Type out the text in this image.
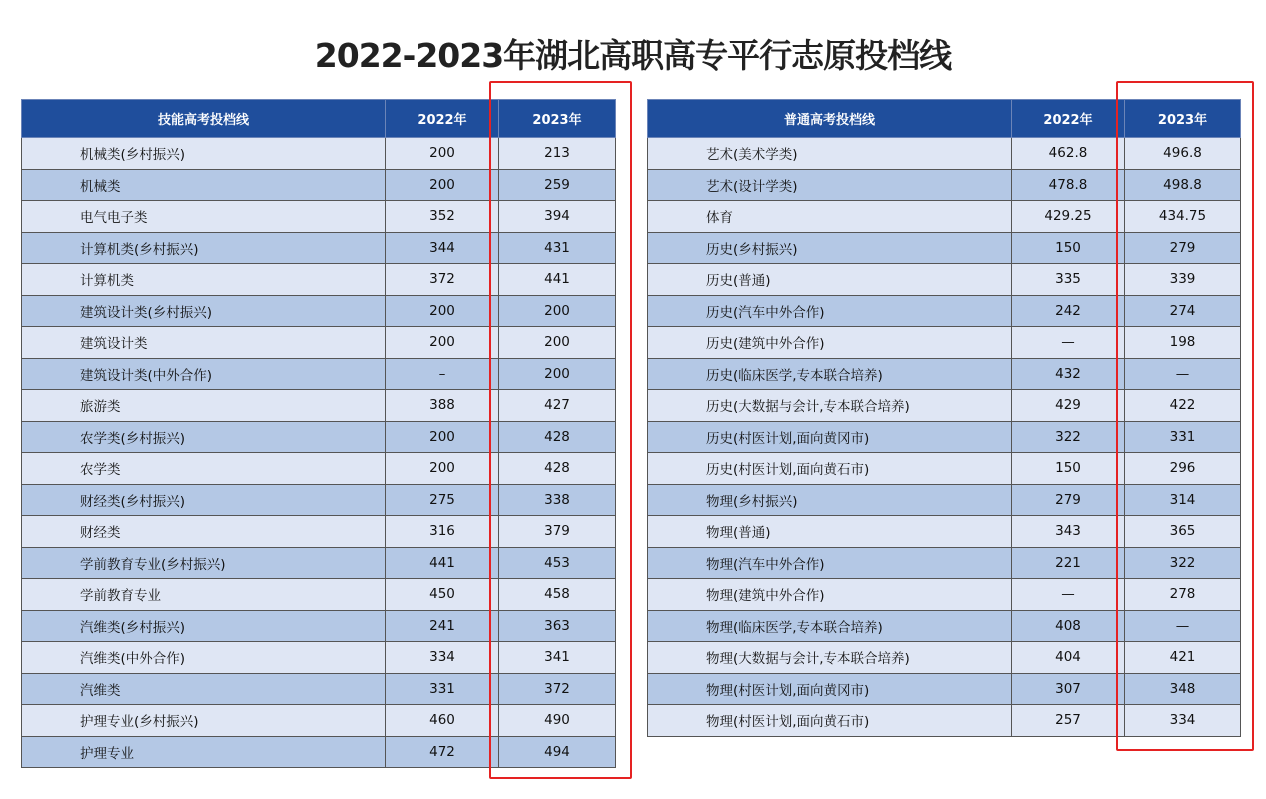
2022-2023年湖北高职高专平行志原投档线
技能高考投档线	2022年	2023年
机械类(乡村振兴)	200	213
机械类	200	259
电气电子类	352	394
计算机类(乡村振兴)	344	431
计算机类	372	441
建筑设计类(乡村振兴)	200	200
建筑设计类	200	200
建筑设计类(中外合作)	–	200
旅游类	388	427
农学类(乡村振兴)	200	428
农学类	200	428
财经类(乡村振兴)	275	338
财经类	316	379
学前教育专业(乡村振兴)	441	453
学前教育专业	450	458
汽维类(乡村振兴)	241	363
汽维类(中外合作)	334	341
汽维类	331	372
护理专业(乡村振兴)	460	490
护理专业	472	494
普通高考投档线	2022年	2023年
艺术(美术学类)	462.8	496.8
艺术(设计学类)	478.8	498.8
体育	429.25	434.75
历史(乡村振兴)	150	279
历史(普通)	335	339
历史(汽车中外合作)	242	274
历史(建筑中外合作)	—	198
历史(临床医学,专本联合培养)	432	—
历史(大数据与会计,专本联合培养)	429	422
历史(村医计划,面向黄冈市)	322	331
历史(村医计划,面向黄石市)	150	296
物理(乡村振兴)	279	314
物理(普通)	343	365
物理(汽车中外合作)	221	322
物理(建筑中外合作)	—	278
物理(临床医学,专本联合培养)	408	—
物理(大数据与会计,专本联合培养)	404	421
物理(村医计划,面向黄冈市)	307	348
物理(村医计划,面向黄石市)	257	334
